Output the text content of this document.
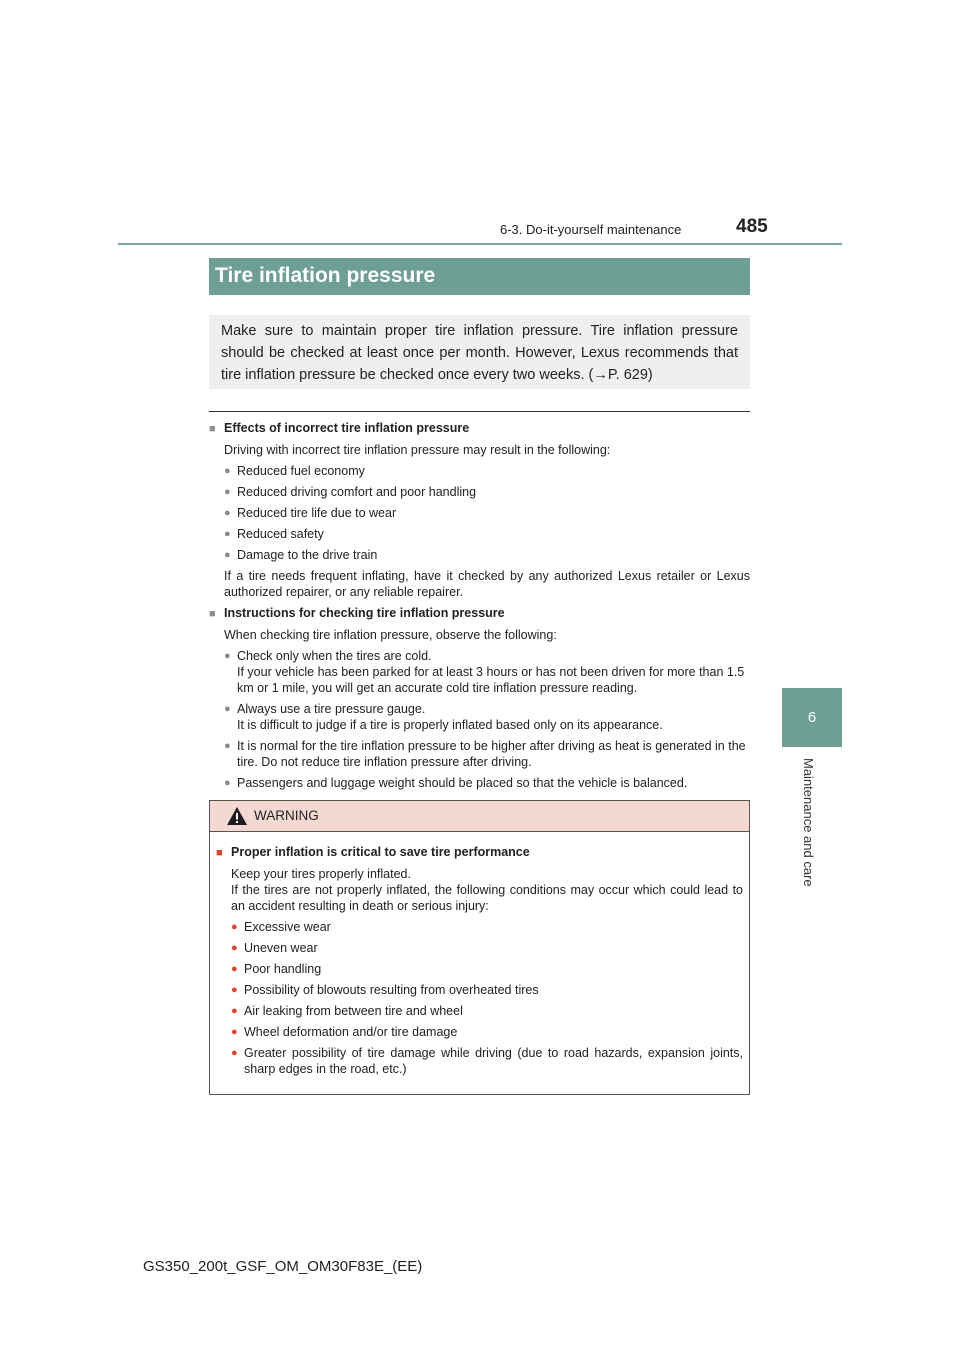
6-3. Do-it-yourself maintenance	485
6
Maintenance and care
Tire inflation pressure
Make sure to maintain proper tire inflation pressure. Tire inflation pressure should be checked at least once per month. However, Lexus recommends that tire inflation pressure be checked once every two weeks. (→P. 629)
■ Effects of incorrect tire inflation pressure
Driving with incorrect tire inflation pressure may result in the following:
● Reduced fuel economy
● Reduced driving comfort and poor handling
● Reduced tire life due to wear
● Reduced safety
● Damage to the drive train
If a tire needs frequent inflating, have it checked by any authorized Lexus retailer or Lexus authorized repairer, or any reliable repairer.
■ Instructions for checking tire inflation pressure
When checking tire inflation pressure, observe the following:
● Check only when the tires are cold.
If your vehicle has been parked for at least 3 hours or has not been driven for more than 1.5 km or 1 mile, you will get an accurate cold tire inflation pressure reading.
● Always use a tire pressure gauge.
It is difficult to judge if a tire is properly inflated based only on its appearance.
● It is normal for the tire inflation pressure to be higher after driving as heat is generated in the tire. Do not reduce tire inflation pressure after driving.
● Passengers and luggage weight should be placed so that the vehicle is balanced.
WARNING
■ Proper inflation is critical to save tire performance
Keep your tires properly inflated.
If the tires are not properly inflated, the following conditions may occur which could lead to an accident resulting in death or serious injury:
● Excessive wear
● Uneven wear
● Poor handling
● Possibility of blowouts resulting from overheated tires
● Air leaking from between tire and wheel
● Wheel deformation and/or tire damage
● Greater possibility of tire damage while driving (due to road hazards, expansion joints, sharp edges in the road, etc.)
GS350_200t_GSF_OM_OM30F83E_(EE)
